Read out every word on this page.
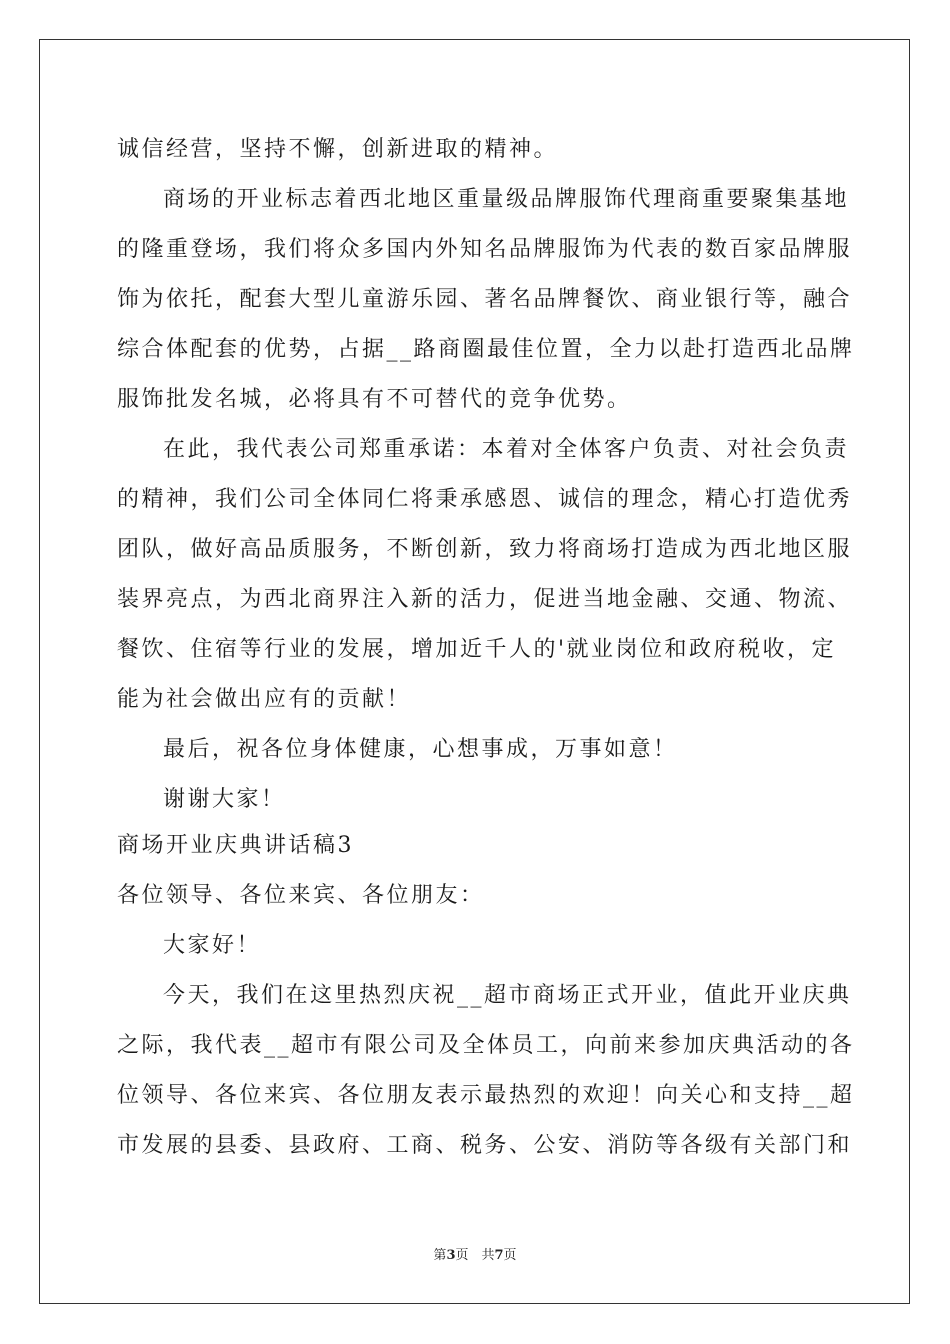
诚信经营，坚持不懈，创新进取的精神。
商场的开业标志着西北地区重量级品牌服饰代理商重要聚集基地
的隆重登场，我们将众多国内外知名品牌服饰为代表的数百家品牌服
饰为依托，配套大型儿童游乐园、著名品牌餐饮、商业银行等，融合
综合体配套的优势，占据__路商圈最佳位置，全力以赴打造西北品牌
服饰批发名城，必将具有不可替代的竞争优势。
在此，我代表公司郑重承诺：本着对全体客户负责、对社会负责
的精神，我们公司全体同仁将秉承感恩、诚信的理念，精心打造优秀
团队，做好高品质服务，不断创新，致力将商场打造成为西北地区服
装界亮点，为西北商界注入新的活力，促进当地金融、交通、物流、
餐饮、住宿等行业的发展，增加近千人的'就业岗位和政府税收，定
能为社会做出应有的贡献！
最后，祝各位身体健康，心想事成，万事如意！
谢谢大家！
商场开业庆典讲话稿3
各位领导、各位来宾、各位朋友：
大家好！
今天，我们在这里热烈庆祝__超市商场正式开业，值此开业庆典
之际，我代表__超市有限公司及全体员工，向前来参加庆典活动的各
位领导、各位来宾、各位朋友表示最热烈的欢迎！向关心和支持__超
市发展的县委、县政府、工商、税务、公安、消防等各级有关部门和
第3页　共7页
